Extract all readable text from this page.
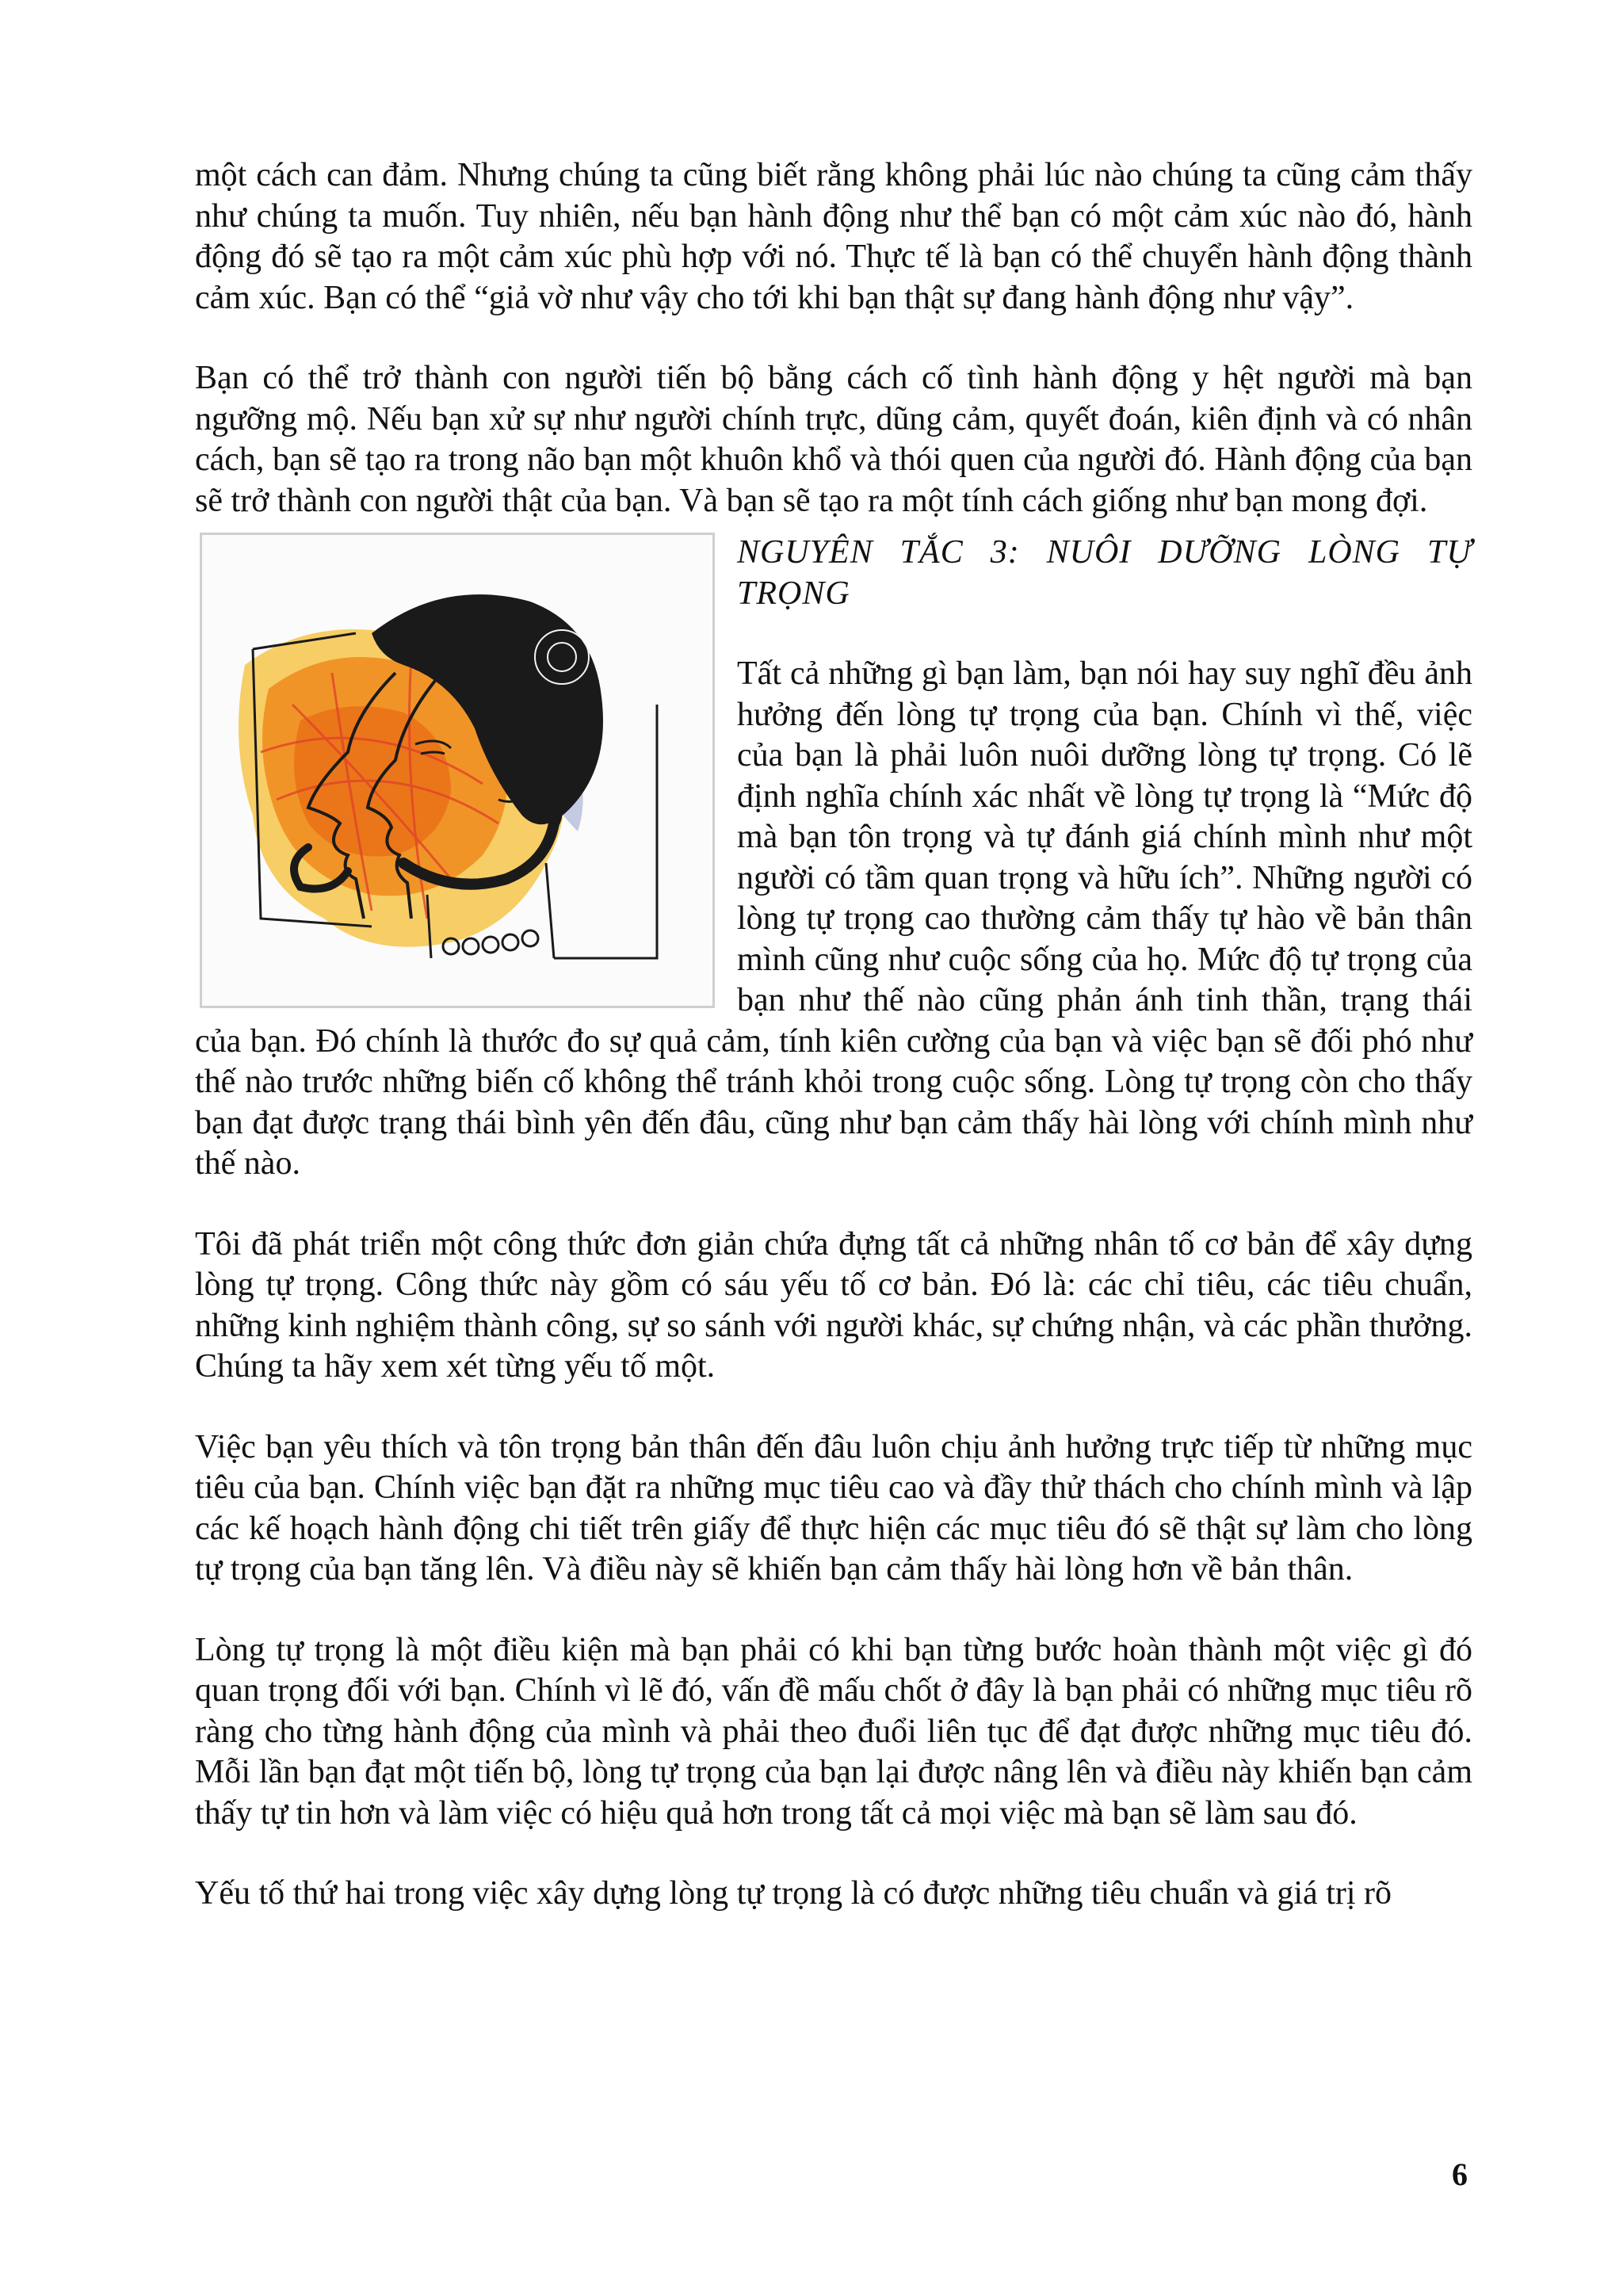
một cách can đảm. Nhưng chúng ta cũng biết rằng không phải lúc nào chúng ta cũng cảm thấy như chúng ta muốn. Tuy nhiên, nếu bạn hành động như thể bạn có một cảm xúc nào đó, hành động đó sẽ tạo ra một cảm xúc phù hợp với nó. Thực tế là bạn có thể chuyển hành động thành cảm xúc. Bạn có thể “giả vờ như vậy cho tới khi bạn thật sự đang hành động như vậy”.

Bạn có thể trở thành con người tiến bộ bằng cách cố tình hành động y hệt người mà bạn ngưỡng mộ. Nếu bạn xử sự như người chính trực, dũng cảm, quyết đoán, kiên định và có nhân cách, bạn sẽ tạo ra trong não bạn một khuôn khổ và thói quen của người đó. Hành động của bạn sẽ trở thành con người thật của bạn. Và bạn sẽ tạo ra một tính cách giống như bạn mong đợi.

NGUYÊN TẮC 3: NUÔI DƯỠNG LÒNG TỰ TRỌNG

Tất cả những gì bạn làm, bạn nói hay suy nghĩ đều ảnh hưởng đến lòng tự trọng của bạn. Chính vì thế, việc của bạn là phải luôn nuôi dưỡng lòng tự trọng. Có lẽ định nghĩa chính xác nhất về lòng tự trọng là “Mức độ mà bạn tôn trọng và tự đánh giá chính mình như một người có tầm quan trọng và hữu ích”. Những người có lòng tự trọng cao thường cảm thấy tự hào về bản thân mình cũng như cuộc sống của họ. Mức độ tự trọng của bạn như thế nào cũng phản ánh tinh thần, trạng thái của bạn. Đó chính là thước đo sự quả cảm, tính kiên cường của bạn và việc bạn sẽ đối phó như thế nào trước những biến cố không thể tránh khỏi trong cuộc sống. Lòng tự trọng còn cho thấy bạn đạt được trạng thái bình yên đến đâu, cũng như bạn cảm thấy hài lòng với chính mình như thế nào.

Tôi đã phát triển một công thức đơn giản chứa đựng tất cả những nhân tố cơ bản để xây dựng lòng tự trọng. Công thức này gồm có sáu yếu tố cơ bản. Đó là: các chỉ tiêu, các tiêu chuẩn, những kinh nghiệm thành công, sự so sánh với người khác, sự chứng nhận, và các phần thưởng. Chúng ta hãy xem xét từng yếu tố một.

Việc bạn yêu thích và tôn trọng bản thân đến đâu luôn chịu ảnh hưởng trực tiếp từ những mục tiêu của bạn. Chính việc bạn đặt ra những mục tiêu cao và đầy thử thách cho chính mình và lập các kế hoạch hành động chi tiết trên giấy để thực hiện các mục tiêu đó sẽ thật sự làm cho lòng tự trọng của bạn tăng lên. Và điều này sẽ khiến bạn cảm thấy hài lòng hơn về bản thân.

Lòng tự trọng là một điều kiện mà bạn phải có khi bạn từng bước hoàn thành một việc gì đó quan trọng đối với bạn. Chính vì lẽ đó, vấn đề mấu chốt ở đây là bạn phải có những mục tiêu rõ ràng cho từng hành động của mình và phải theo đuổi liên tục để đạt được những mục tiêu đó. Mỗi lần bạn đạt một tiến bộ, lòng tự trọng của bạn lại được nâng lên và điều này khiến bạn cảm thấy tự tin hơn và làm việc có hiệu quả hơn trong tất cả mọi việc mà bạn sẽ làm sau đó.

Yếu tố thứ hai trong việc xây dựng lòng tự trọng là có được những tiêu chuẩn và giá trị rõ

6
